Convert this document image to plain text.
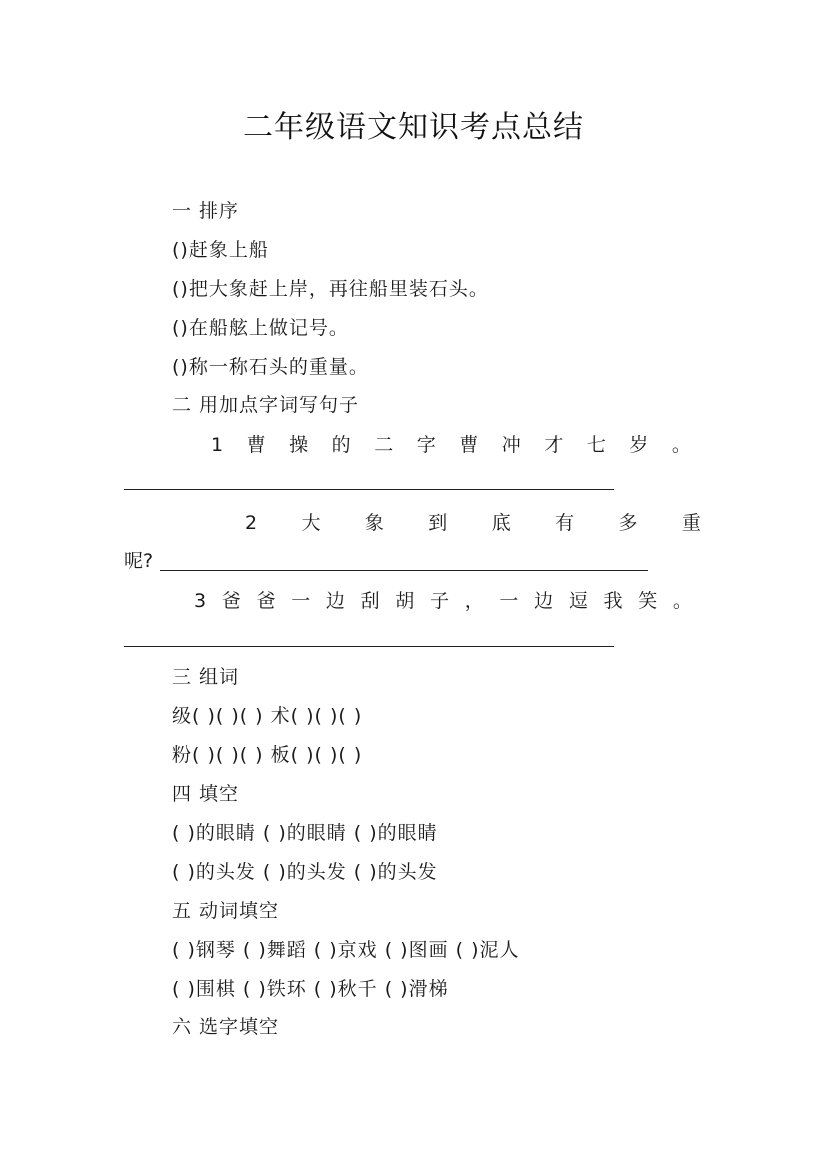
二年级语文知识考点总结
一 排序
()赶象上船
()把大象赶上岸，再往船里装石头。
()在船舷上做记号。
()称一称石头的重量。
二 用加点字词写句子
1 曹 操 的 二 字 曹 冲 才 七 岁 。
2 大 象 到 底 有 多 重
呢?
3 爸 爸 一 边 刮 胡 子 ， 一 边 逗 我 笑 。
三 组词
级( )( )( ) 术( )( )( )
粉( )( )( ) 板( )( )( )
四 填空
( )的眼睛 ( )的眼睛 ( )的眼睛
( )的头发 ( )的头发 ( )的头发
五 动词填空
( )钢琴 ( )舞蹈 ( )京戏 ( )图画 ( )泥人
( )围棋 ( )铁环 ( )秋千 ( )滑梯
六 选字填空
